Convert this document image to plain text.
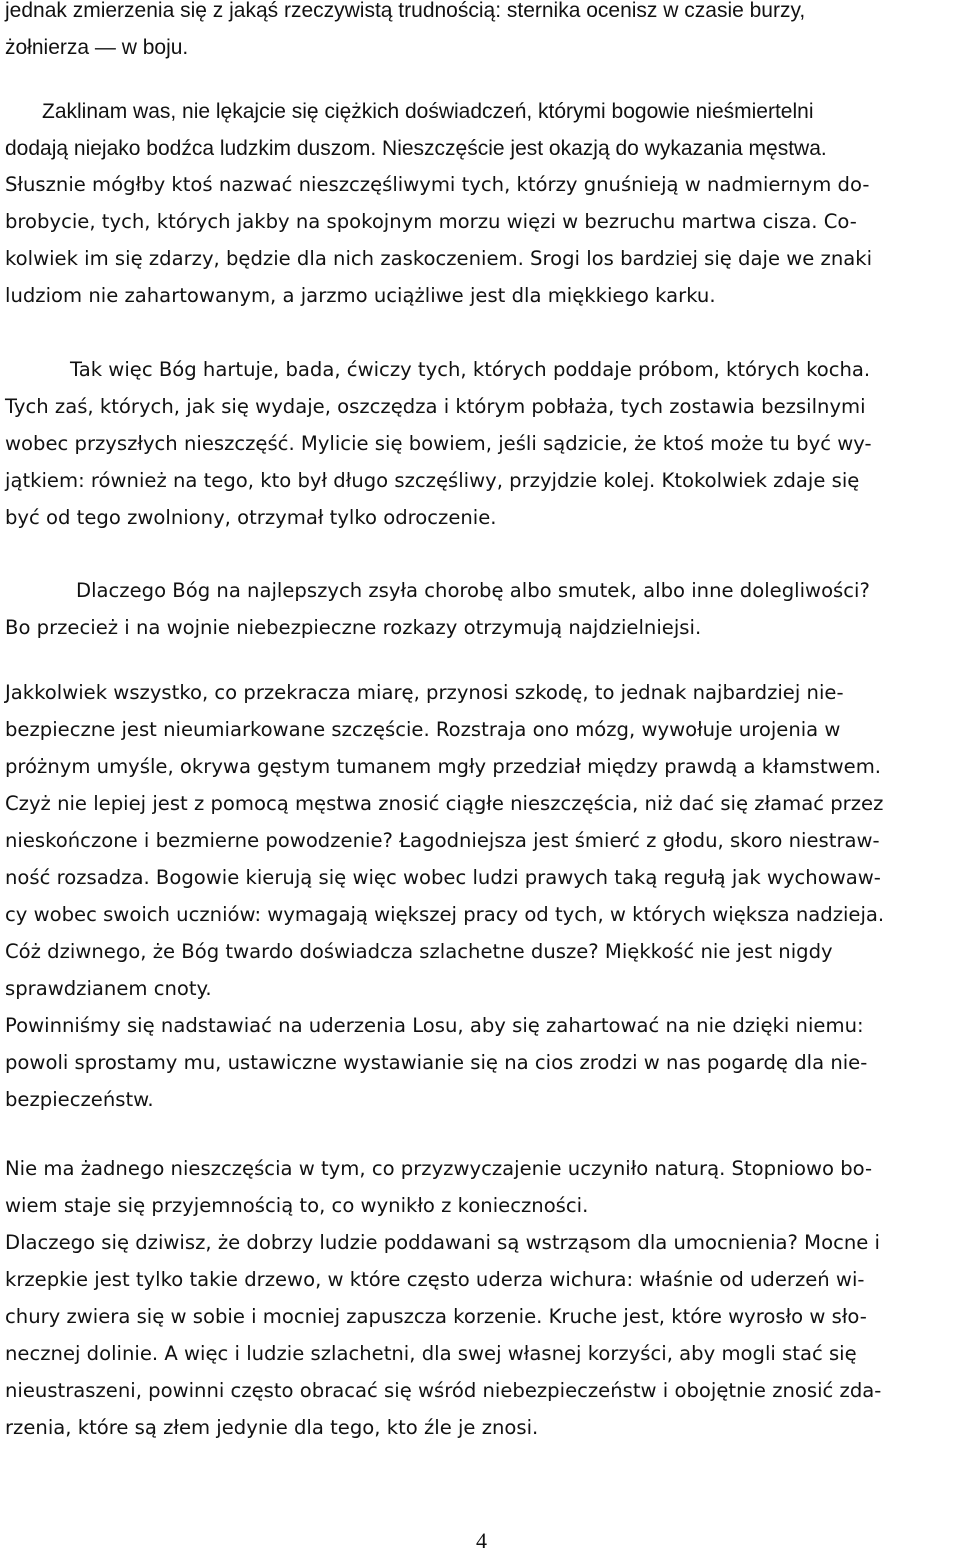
jednak zmierzenia się z jakąś rzeczywistą trudnością: sternika ocenisz w czasie burzy,

żołnierza — w boju.

Zaklinam was, nie lękajcie się ciężkich doświadczeń, którymi bogowie nieśmiertelni

dodają niejako bodźca ludzkim duszom. Nieszczęście jest okazją do wykazania męstwa.

Słusznie mógłby ktoś nazwać nieszczęśliwymi tych, którzy gnuśnieją w nadmiernym do-

brobycie, tych, których jakby na spokojnym morzu więzi w bezruchu martwa cisza. Co-

kolwiek im się zdarzy, będzie dla nich zaskoczeniem. Srogi los bardziej się daje we znaki

ludziom nie zahartowanym, a jarzmo uciążliwe jest dla miękkiego karku.

Tak więc Bóg hartuje, bada, ćwiczy tych, których poddaje próbom, których kocha.

Tych zaś, których, jak się wydaje, oszczędza i którym pobłaża, tych zostawia bezsilnymi

wobec przyszłych nieszczęść. Mylicie się bowiem, jeśli sądzicie, że ktoś może tu być wy-

jątkiem: również na tego, kto był długo szczęśliwy, przyjdzie kolej. Ktokolwiek zdaje się

być od tego zwolniony, otrzymał tylko odroczenie.

Dlaczego Bóg na najlepszych zsyła chorobę albo smutek, albo inne dolegliwości?

Bo przecież i na wojnie niebezpieczne rozkazy otrzymują najdzielniejsi.

Jakkolwiek wszystko, co przekracza miarę, przynosi szkodę, to jednak najbardziej nie-

bezpieczne jest nieumiarkowane szczęście. Rozstraja ono mózg, wywołuje urojenia w

próżnym umyśle, okrywa gęstym tumanem mgły przedział między prawdą a kłamstwem.

Czyż nie lepiej jest z pomocą męstwa znosić ciągłe nieszczęścia, niż dać się złamać przez

nieskończone i bezmierne powodzenie? Łagodniejsza jest śmierć z głodu, skoro niestraw-

ność rozsadza. Bogowie kierują się więc wobec ludzi prawych taką regułą jak wychowaw-

cy wobec swoich uczniów: wymagają większej pracy od tych, w których większa nadzieja.

Cóż dziwnego, że Bóg twardo doświadcza szlachetne dusze? Miękkość nie jest nigdy

sprawdzianem cnoty.

Powinniśmy się nadstawiać na uderzenia Losu, aby się zahartować na nie dzięki niemu:

powoli sprostamy mu, ustawiczne wystawianie się na cios zrodzi w nas pogardę dla nie-

bezpieczeństw.

Nie ma żadnego nieszczęścia w tym, co przyzwyczajenie uczyniło naturą. Stopniowo bo-

wiem staje się przyjemnością to, co wynikło z konieczności.

Dlaczego się dziwisz, że dobrzy ludzie poddawani są wstrząsom dla umocnienia? Mocne i

krzepkie jest tylko takie drzewo, w które często uderza wichura: właśnie od uderzeń wi-

chury zwiera się w sobie i mocniej zapuszcza korzenie. Kruche jest, które wyrosło w sło-

necznej dolinie. A więc i ludzie szlachetni, dla swej własnej korzyści, aby mogli stać się

nieustraszeni, powinni często obracać się wśród niebezpieczeństw i obojętnie znosić zda-

rzenia, które są złem jedynie dla tego, kto źle je znosi.

4
